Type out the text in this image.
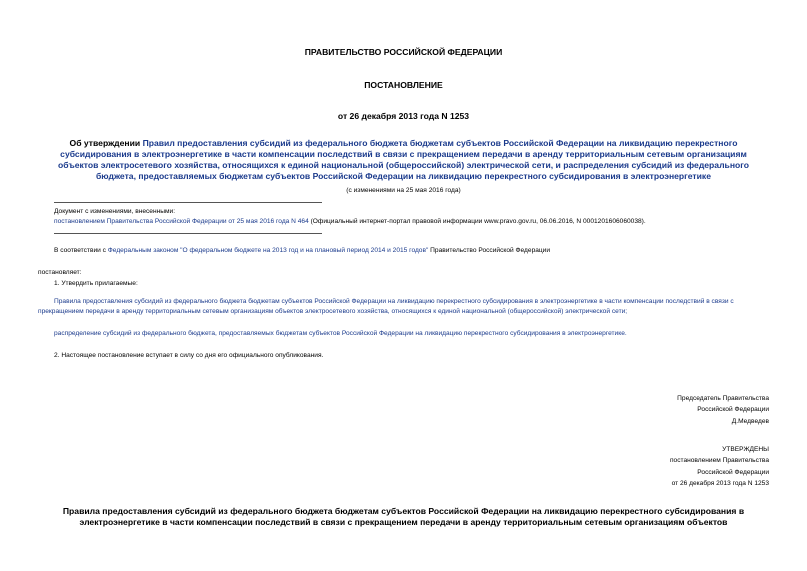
ПРАВИТЕЛЬСТВО РОССИЙСКОЙ ФЕДЕРАЦИИ
ПОСТАНОВЛЕНИЕ
от 26 декабря 2013 года N 1253
Об утверждении Правил предоставления субсидий из федерального бюджета бюджетам субъектов Российской Федерации на ликвидацию перекрестного субсидирования в электроэнергетике в части компенсации последствий в связи с прекращением передачи в аренду территориальным сетевым организациям объектов электросетевого хозяйства, относящихся к единой национальной (общероссийской) электрической сети, и распределения субсидий из федерального бюджета, предоставляемых бюджетам субъектов Российской Федерации на ликвидацию перекрестного субсидирования в электроэнергетике
(с изменениями на 25 мая 2016 года)
Документ с изменениями, внесенными:
постановлением Правительства Российской Федерации от 25 мая 2016 года N 464 (Официальный интернет-портал правовой информации www.pravo.gov.ru, 06.06.2016, N 0001201606060038).
В соответствии с Федеральным законом "О федеральном бюджете на 2013 год и на плановый период 2014 и 2015 годов" Правительство Российской Федерации
постановляет:
1. Утвердить прилагаемые:
Правила предоставления субсидий из федерального бюджета бюджетам субъектов Российской Федерации на ликвидацию перекрестного субсидирования в электроэнергетике в части компенсации последствий в связи с прекращением передачи в аренду территориальным сетевым организациям объектов электросетевого хозяйства, относящихся к единой национальной (общероссийской) электрической сети;
распределение субсидий из федерального бюджета, предоставляемых бюджетам субъектов Российской Федерации на ликвидацию перекрестного субсидирования в электроэнергетике.
2. Настоящее постановление вступает в силу со дня его официального опубликования.
Председатель Правительства
Российской Федерации
Д.Медведев
УТВЕРЖДЕНЫ
постановлением Правительства
Российской Федерации
от 26 декабря 2013 года N 1253
Правила предоставления субсидий из федерального бюджета бюджетам субъектов Российской Федерации на ликвидацию перекрестного субсидирования в электроэнергетике в части компенсации последствий в связи с прекращением передачи в аренду территориальным сетевым организациям объектов
